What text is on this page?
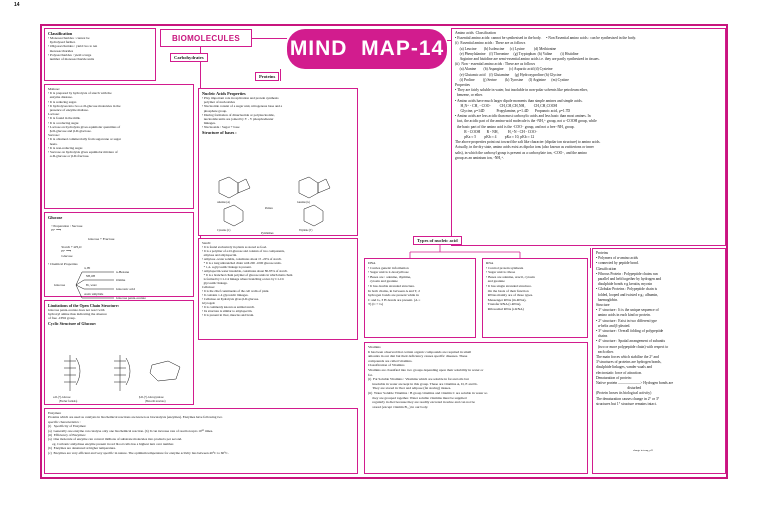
14
BIOMOLECULES	MIND
MAP-14
Carbohydrates
Proteins
Classification
• Monosaccharides : cannot be
hydrolysed further.
• Oligosaccharides : yield two to ten
monosaccharides
• Polysaccharides : yield a large
number of monosaccharide units
Maltose:
• It is prepared by hydrolysis of starch with the
enzyme diastase.
• It is reducing sugar.
• It hydrolyses into two α-D-glucose molecules in the
presence of enzyme maltase.
Lactose:
• It is found in the milk.
• It is a reducing sugar.
• Lactose on hydrolysis gives equimolar quantities of
β-D-glucose and β-D-glactose.
Sucrose:
• It is obtained commercially from sugarcane or sugar
beets.
• It is non-reducing sugar.
• Sucrose on hydrolysis gives equimolar mixture of
α-D-glucose or β-D-fructose.
Glucose

• Preparation : Sucrose
H⁺ ⟶

Glucose + Fructose

Starch + nH₂O
H⁺ ⟶
Glucose

• Chemical Properties
Glucose
Δ, HI
NH₂OH
Br₂ water
Acetic anhydride
n-Hexane
Oxime
Gluconic acid
Glucose penta-acetate
Limitations of the Open Chain Structure:
Glucose penta-acetate does not react with
hydroxyl amine thus indicating the absence
of free -CHO group.
Cyclic Structure of Glucose:
α-D-(+)-Glucose	β-D-(+)-Glucopyranose
(Fischer formula)	(Haworth structure)
Nucleic Acids Properties
• Play important role in replication and protein synthesis
polymer of nucleotides
• Nucleotide consist of a sugar unit, nitrogenous base and a
phosphate group.
• During formation of dinucleotide or polynucleotide,
nucleotide units are joined by 3' - 5' phosphodiester
linkages.
• Nucleoside : Sugar + base
Structure of bases :
Adenine (A)	Guanine (G)
Purines
Cytosine (C)	Thymine (T)
Pyrimidines
Starch:
• It is found exclusively in plants as stored as food.
• It is a polymer of α-D-glucose and consists of two components,
amylose and amylopectin.
• Amylose -water soluble, constitutes about 15 -20% of starch.
* It is a long unbranched chain with 200 -1000 glucose units.
* 1,4- α-glycosidic linkage is present.
• Amylopectin-water insoluble, constitutes about 80-85% of starch.
* It is a branched chain polymer of glucose units in which main chain
is formed by C1-C4 linkage where branching occurs by C1-C6
glycosidic linkage.
Cellulose:
• It is the chief constituents of the cell walls of plant.
• It contains 1-4 glycosidic linkages.
• Cellulose on hydrolysis gives β-D-glucose.
Glycogen:
• It is commonly known as animal starch.
• Its structure is similar to amylopectin.
• It is present in liver, muscles and brain.
Enzymes:
Proteins which are used as catalysts in biochemical reactions are known as biocatalysts (enzymes). Enzymes have following two
specific characteristics :
(i)   Specificity of Enzymes:
(a)  Generally one enzyme can catalyse only one biochemical reaction. (b) It can increase rate of reaction upto 10²⁰ times.
(ii)  Efficiency of Enzymes:
(a)  One molecule of enzyme can convert millions of substrate molecules into products per second.
eg. Carbonic anhydrase enzyme present in red blood cells has a highest turn over number.
(b)  Enzymes are denatured at higher temperature.
(c)  Enzymes are very efficient and very specific in nature. The optimum temperature for enzyme activity lies between 40°C to 60°C.
Amino acids  Classification
• Essential amino acids: cannot be synthesised in the body.     • Non Essential amino acids : can be synthesised in the body.
(i)  Essential amino acids : These are as follows
(a) Leucine        (b) Isoleucine      (c) Lysine          (d) Methionine
(e) Phenylalanine    (f) Threonine     (g) Tryptophan  (h) Valine         (i) Histidine
Arginine and histidine are semi-essential amino acids i.e. they are partly synthesized in tissues.
(ii)  Non - essential amino acids : These are as follows
(a) Alanine        (b) Aspargine      (c) Aspartic acid (d) Cysteine
(e) Glutamic acid    (f) Glutamine      (g) Hydroxyproline (h) Glycine
(i) Proline         (j) Serine         (k) Tyrosine      (l) Arginine      (m) Cystine
Properties
• They are fairly soluble in water, but insoluble in non-polar solvents like petroleum ether,
benzene, or ether.
• Amino acids have much larger dipole moments than simple amines and simple acids.
H₃N⁺ - CH₂ - COO⁻         CH₃CH₂CH₂NH₂         CH₃CH₂COOH
Glycine, μ=14D             Propylamine, μ=1.4D       Propanoic acid, μ=1.7D
• Amino acids are less acidic than most carboxylic acids and less basic than most amines. In
fact, the acidic part of the amino-acid molecule is the -NH₃⁺ group, not a -COOH group, while
the basic part of the amino acid is the -COO⁻ group, and not a free -NH₂ group.
R - COOH       R - NH₂          H₃⁺N - CH - COO⁻
pKa ≈ 5         pKb ≈ 4         pKa ≈ 10, pKb ≈ 12
The above properties point out toward the salt like character (dipolar ion structure) to amino acids.
Actually, in the dry state, amino acids exist as dipolar ions (also known as zwitterions or inner
salts), in which the carboxyl group is present as a carboxylate ion, -COO⁻, and the amino
group as an aminium ion, -NH₃⁺.
Types of nucleic acid
DNA
• Carries genetic information
• Sugar unit is 2-deoxyribose
• Bases are : adenine, thymine,
cytosin and guanine
• It has double stranded structure.
In both chains, in between A and T, 2
hydrogen bonds are present while in
C and G, 3 H-bonds are present. (A =
T) (C ≡ G)
RNA
• Control protein synthesis
• Sugar unit is ribose
• Bases are adenine, uracil, cytosin
and guanine
• It has single stranded structure.
On the basis of their function
RNAs mainly are of three types.
Messenger RNA (m-RNA),
Transfer RNA (t-RNA),
Ribosomal RNA (r-RNA)
Vitamins
It has been observed that certain organic compounds are required in small
amounts in our diet but their deficiency causes specific diseases. These
compounds are called vitamins.
Classification of Vitamins
Vitamins are classified into two groups depending upon their solubility in water or
fat.
(i)  Fat Soluble Vitamins : Vitamins which are soluble in fat and oils but
insoluble in water are kept in this group. These are vitamins A, D, E and K.
They are stored in liver and adipose (fat storing) tissues.
(ii)  Water Soluble Vitamins : B group vitamins and vitamin C are soluble in water so
they are grouped together. Water soluble vitamins must be supplied
regularly in diet because they are readily excreted in urine and can not be
stored (except vitamin B₁₂) in our body.
Proteins
• Polymers of α-amino acids
• connected by peptide bond.
Classification
• Fibrous Protein : Polypeptide chains run
parallel and held together by hydrogen and
disulphide bonds e.g keratin, myosin
• Globular Proteins : Polypeptide chain is
folded, looped and twisted e.g.; albumin,
haemoglobin.
Structure
• 1° structure : It is the unique sequence of
amino acids in each kind or protein.
• 2° structure : Exist in two different type
α-helix and β-pleated.
• 3° structure : Overall folding of polypeptide
chains
• 4° structure : Spatial arrangement of subunits
(two or more polypeptide chain) with respect to
each other.
The main forces which stabilise the 2° and
3°structures of proteins are hydrogen bonds,
disulphide linkages, vander waals and
electrostatic force of attraction.
Denaturation of protein:
Native protein ——————> Hydrogen bonds are
disturbed
(Protein looses its biological activity)
The denaturation causes change in 2° or 3°
structures but 1° structure remains intact.
change in temp, pH
